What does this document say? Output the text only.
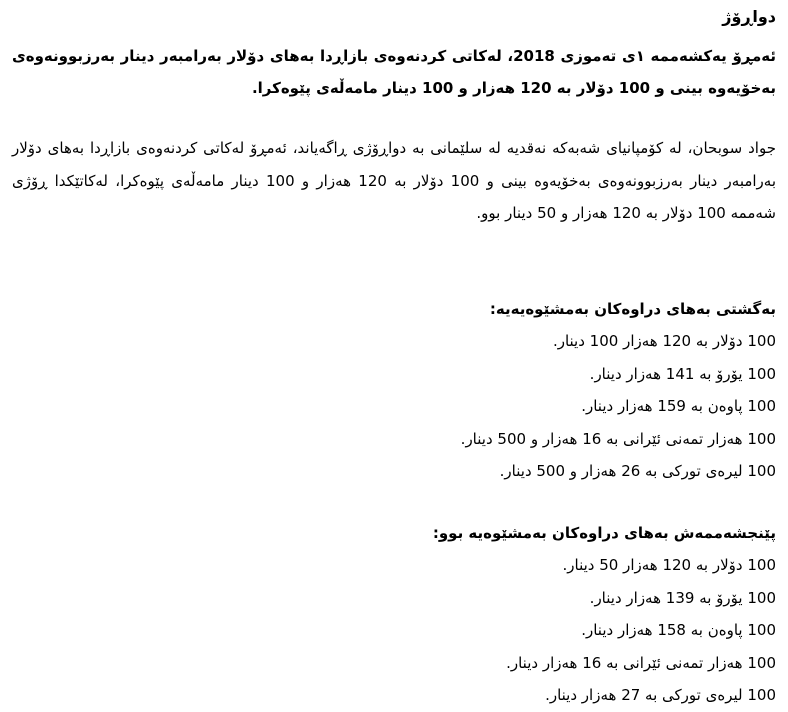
دواڕۆژ

ئەمڕۆ یەکشەممە ١ی تەموزی 2018، لەکاتی کردنەوەی بازاڕدا بەهای دۆلار بەرامبەر دینار بەرزبوونەوەی بەخۆیەوە بینی و 100 دۆلار بە 120 هەزار و 100 دینار مامەڵەی پێوەکرا.

جواد سوبحان، لە کۆمپانیای شەبەکە نەقدیە لە سلێمانی بە دواڕۆژی ڕاگەیاند، ئەمڕۆ لەکاتی کردنەوەی بازاڕدا بەهای دۆلار بەرامبەر دینار بەرزبوونەوەی بەخۆیەوە بینی و 100 دۆلار بە 120 هەزار و 100 دینار مامەڵەی پێوەکرا، لەکاتێکدا ڕۆژی شەممە 100 دۆلار بە 120 هەزار و 50 دینار بوو.

بەگشتی بەهای دراوەکان بەمشێوەیەیە:
100 دۆلار بە 120 هەزار 100 دینار.
100 یۆرۆ بە 141 هەزار دینار.
100 پاوەن بە 159 هەزار دینار.
100 هەزار تمەنی ئێرانی بە 16 هەزار و 500 دینار.
100 لیرەی تورکی بە 26 هەزار و 500 دینار.
پێنجشەممەش بەهای دراوەکان بەمشێوەیە بوو:
100 دۆلار بە 120 هەزار 50 دینار.
100 یۆرۆ بە 139 هەزار دینار.
100 پاوەن بە 158 هەزار دینار.
100 هەزار تمەنی ئێرانی بە 16 هەزار دینار.
100 لیرەی تورکی بە 27 هەزار دینار.
